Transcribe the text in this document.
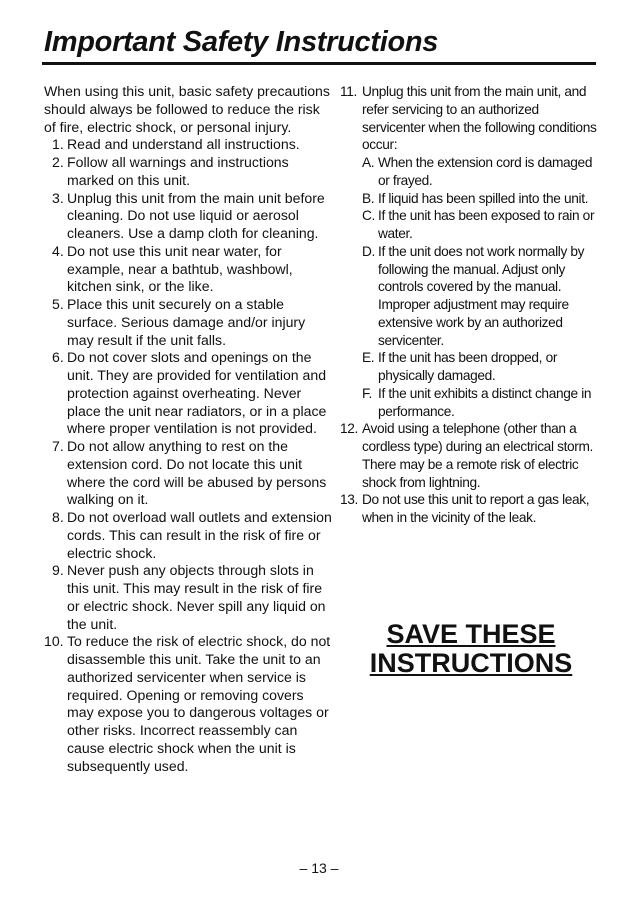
Important Safety Instructions

When using this unit, basic safety precautions should always be followed to reduce the risk of fire, electric shock, or personal injury.

1. Read and understand all instructions.
2. Follow all warnings and instructions marked on this unit.
3. Unplug this unit from the main unit before cleaning. Do not use liquid or aerosol cleaners. Use a damp cloth for cleaning.
4. Do not use this unit near water, for example, near a bathtub, washbowl, kitchen sink, or the like.
5. Place this unit securely on a stable surface. Serious damage and/or injury may result if the unit falls.
6. Do not cover slots and openings on the unit. They are provided for ventilation and protection against overheating. Never place the unit near radiators, or in a place where proper ventilation is not provided.
7. Do not allow anything to rest on the extension cord. Do not locate this unit where the cord will be abused by persons walking on it.
8. Do not overload wall outlets and extension cords. This can result in the risk of fire or electric shock.
9. Never push any objects through slots in this unit. This may result in the risk of fire or electric shock. Never spill any liquid on the unit.
10. To reduce the risk of electric shock, do not disassemble this unit. Take the unit to an authorized servicenter when service is required. Opening or removing covers may expose you to dangerous voltages or other risks. Incorrect reassembly can cause electric shock when the unit is subsequently used.
11. Unplug this unit from the main unit, and refer servicing to an authorized servicenter when the following conditions occur:
A. When the extension cord is damaged or frayed.
B. If liquid has been spilled into the unit.
C. If the unit has been exposed to rain or water.
D. If the unit does not work normally by following the manual. Adjust only controls covered by the manual. Improper adjustment may require extensive work by an authorized servicenter.
E. If the unit has been dropped, or physically damaged.
F. If the unit exhibits a distinct change in performance.
12. Avoid using a telephone (other than a cordless type) during an electrical storm. There may be a remote risk of electric shock from lightning.
13. Do not use this unit to report a gas leak, when in the vicinity of the leak.
SAVE THESE
INSTRUCTIONS
– 13 –
